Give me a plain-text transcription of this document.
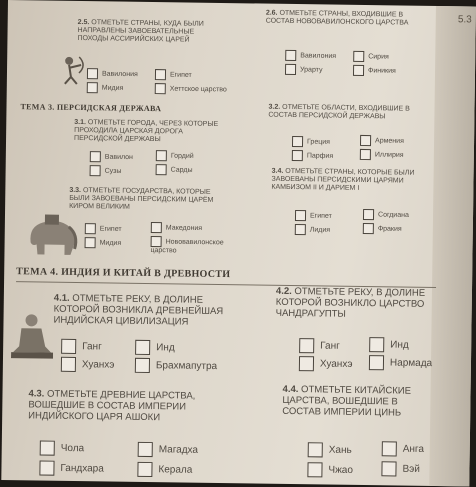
5.3
2.5. ОТМЕТЬТЕ СТРАНЫ, КУДА БЫЛИ НАПРАВЛЕНЫ ЗАВОЕВАТЕЛЬНЫЕ ПОХОДЫ АССИРИЙСКИХ ЦАРЕЙ
Вавилония	Египет
Мидия	Хеттское царство
2.6. ОТМЕТЬТЕ СТРАНЫ, ВХОДИВШИЕ В СОСТАВ НОВОВАВИЛОНСКОГО ЦАРСТВА
Вавилония	Сирия
Урарту	Финикия
ТЕМА 3. ПЕРСИДСКАЯ ДЕРЖАВА
3.1. ОТМЕТЬТЕ ГОРОДА, ЧЕРЕЗ КОТОРЫЕ ПРОХОДИЛА ЦАРСКАЯ ДОРОГА ПЕРСИДСКОЙ ДЕРЖАВЫ
Вавилон	Гордий
Сузы	Сарды
3.2. ОТМЕТЬТЕ ОБЛАСТИ, ВХОДИВШИЕ В СОСТАВ ПЕРСИДСКОЙ ДЕРЖАВЫ
Греция	Армения
Парфия	Иллирия
3.3. ОТМЕТЬТЕ ГОСУДАРСТВА, КОТОРЫЕ БЫЛИ ЗАВОЕВАНЫ ПЕРСИДСКИМ ЦАРЁМ КИРОМ ВЕЛИКИМ
Египет	Македония
Мидия	Нововавилонское царство
3.4. ОТМЕТЬТЕ СТРАНЫ, КОТОРЫЕ БЫЛИ ЗАВОЕВАНЫ ПЕРСИДСКИМИ ЦАРЯМИ КАМБИЗОМ II И ДАРИЕМ I
Египет	Согдиана
Лидия	Фракия
ТЕМА 4. ИНДИЯ И КИТАЙ В ДРЕВНОСТИ
4.1. ОТМЕТЬТЕ РЕКУ, В ДОЛИНЕ КОТОРОЙ ВОЗНИКЛА ДРЕВНЕЙШАЯ ИНДИЙСКАЯ ЦИВИЛИЗАЦИЯ
Ганг	Инд
Хуанхэ	Брахмапутра
4.2. ОТМЕТЬТЕ РЕКУ, В ДОЛИНЕ КОТОРОЙ ВОЗНИКЛО ЦАРСТВО ЧАНДРАГУПТЫ
Ганг	Инд
Хуанхэ	Нармада
4.3. ОТМЕТЬТЕ ДРЕВНИЕ ЦАРСТВА, ВОШЕДШИЕ В СОСТАВ ИМПЕРИИ ИНДИЙСКОГО ЦАРЯ АШОКИ
Чола	Магадха
Гандхара	Керала
4.4. ОТМЕТЬТЕ КИТАЙСКИЕ ЦАРСТВА, ВОШЕДШИЕ В СОСТАВ ИМПЕРИИ ЦИНЬ
Хань	Анга
Чжао	Вэй
